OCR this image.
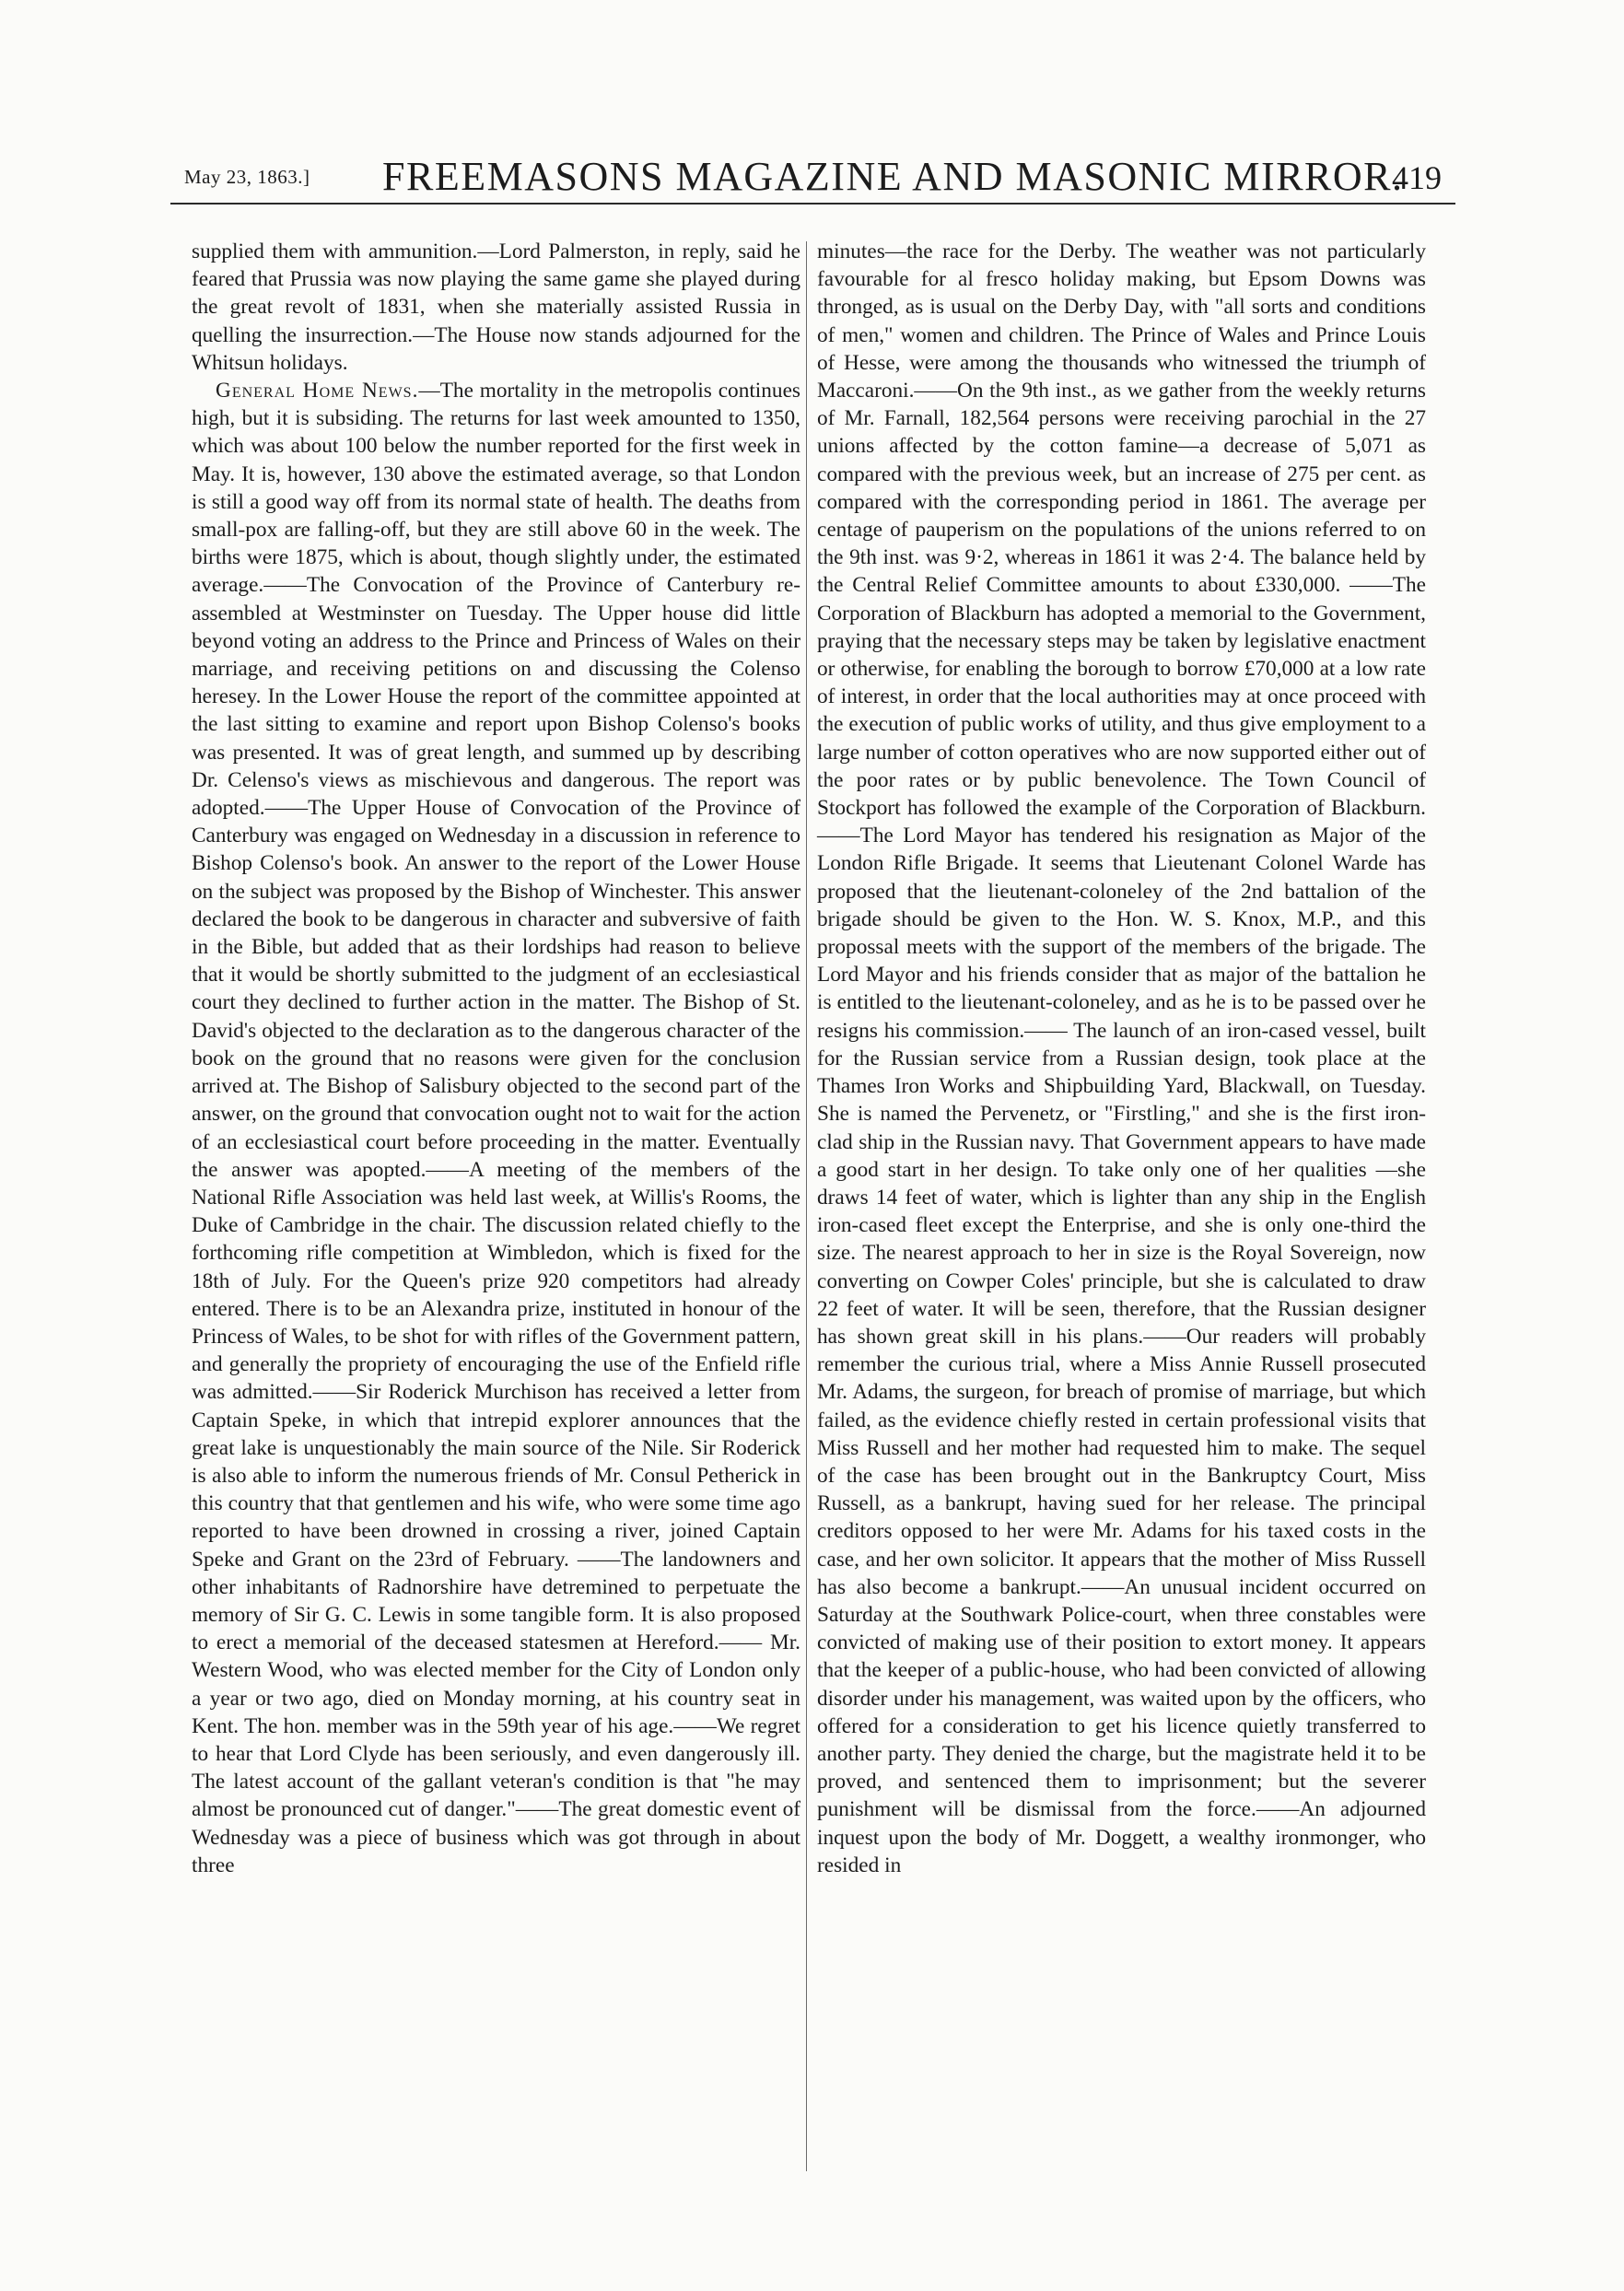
May 23, 1863.] FREEMASONS MAGAZINE AND MASONIC MIRROR.
419

supplied them with ammunition.—Lord Palmerston, in reply, said he feared that Prussia was now playing the same game she played during the great revolt of 1831, when she materially assisted Russia in quelling the insurrection.—The House now stands adjourned for the Whitsun holidays.

General Home News.—The mortality in the metropolis continues high, but it is subsiding. The returns for last week amounted to 1350, which was about 100 below the number reported for the first week in May. It is, however, 130 above the estimated average, so that London is still a good way off from its normal state of health. The deaths from small-pox are falling-off, but they are still above 60 in the week. The births were 1875, which is about, though slightly under, the estimated average.——The Convocation of the Province of Canterbury re-assembled at Westminster on Tuesday. The Upper house did little beyond voting an address to the Prince and Princess of Wales on their marriage, and receiving petitions on and discussing the Colenso heresey. In the Lower House the report of the committee appointed at the last sitting to examine and report upon Bishop Colenso's books was presented. It was of great length, and summed up by describing Dr. Celenso's views as mischievous and dangerous. The report was adopted.——The Upper House of Convocation of the Province of Canterbury was engaged on Wednesday in a discussion in reference to Bishop Colenso's book. An answer to the report of the Lower House on the subject was proposed by the Bishop of Winchester. This answer declared the book to be dangerous in character and subversive of faith in the Bible, but added that as their lordships had reason to believe that it would be shortly submitted to the judgment of an ecclesiastical court they declined to further action in the matter. The Bishop of St. David's objected to the declaration as to the dangerous character of the book on the ground that no reasons were given for the conclusion arrived at. The Bishop of Salisbury objected to the second part of the answer, on the ground that convocation ought not to wait for the action of an ecclesiastical court before proceeding in the matter. Eventually the answer was apopted.——A meeting of the members of the National Rifle Association was held last week, at Willis's Rooms, the Duke of Cambridge in the chair. The discussion related chiefly to the forthcoming rifle competition at Wimbledon, which is fixed for the 18th of July. For the Queen's prize 920 competitors had already entered. There is to be an Alexandra prize, instituted in honour of the Princess of Wales, to be shot for with rifles of the Government pattern, and generally the propriety of encouraging the use of the Enfield rifle was admitted.——Sir Roderick Murchison has received a letter from Captain Speke, in which that intrepid explorer announces that the great lake is unquestionably the main source of the Nile. Sir Roderick is also able to inform the numerous friends of Mr. Consul Petherick in this country that that gentlemen and his wife, who were some time ago reported to have been drowned in crossing a river, joined Captain Speke and Grant on the 23rd of February. ——The landowners and other inhabitants of Radnorshire have detremined to perpetuate the memory of Sir G. C. Lewis in some tangible form. It is also proposed to erect a memorial of the deceased statesmen at Hereford.—— Mr. Western Wood, who was elected member for the City of London only a year or two ago, died on Monday morning, at his country seat in Kent. The hon. member was in the 59th year of his age.——We regret to hear that Lord Clyde has been seriously, and even dangerously ill. The latest account of the gallant veteran's condition is that "he may almost be pronounced cut of danger."——The great domestic event of Wednesday was a piece of business which was got through in about three

minutes—the race for the Derby. The weather was not particularly favourable for al fresco holiday making, but Epsom Downs was thronged, as is usual on the Derby Day, with "all sorts and conditions of men," women and children. The Prince of Wales and Prince Louis of Hesse, were among the thousands who witnessed the triumph of Maccaroni.——On the 9th inst., as we gather from the weekly returns of Mr. Farnall, 182,564 persons were receiving parochial in the 27 unions affected by the cotton famine—a decrease of 5,071 as compared with the previous week, but an increase of 275 per cent. as compared with the corresponding period in 1861. The average per centage of pauperism on the populations of the unions referred to on the 9th inst. was 9·2, whereas in 1861 it was 2·4. The balance held by the Central Relief Committee amounts to about £330,000. ——The Corporation of Blackburn has adopted a memorial to the Government, praying that the necessary steps may be taken by legislative enactment or otherwise, for enabling the borough to borrow £70,000 at a low rate of interest, in order that the local authorities may at once proceed with the execution of public works of utility, and thus give employment to a large number of cotton operatives who are now supported either out of the poor rates or by public benevolence. The Town Council of Stockport has followed the example of the Corporation of Blackburn.——The Lord Mayor has tendered his resignation as Major of the London Rifle Brigade. It seems that Lieutenant Colonel Warde has proposed that the lieutenant-coloneley of the 2nd battalion of the brigade should be given to the Hon. W. S. Knox, M.P., and this propossal meets with the support of the members of the brigade. The Lord Mayor and his friends consider that as major of the battalion he is entitled to the lieutenant-coloneley, and as he is to be passed over he resigns his commission.—— The launch of an iron-cased vessel, built for the Russian service from a Russian design, took place at the Thames Iron Works and Shipbuilding Yard, Blackwall, on Tuesday. She is named the Pervenetz, or "Firstling," and she is the first iron-clad ship in the Russian navy. That Government appears to have made a good start in her design. To take only one of her qualities —she draws 14 feet of water, which is lighter than any ship in the English iron-cased fleet except the Enterprise, and she is only one-third the size. The nearest approach to her in size is the Royal Sovereign, now converting on Cowper Coles' principle, but she is calculated to draw 22 feet of water. It will be seen, therefore, that the Russian designer has shown great skill in his plans.——Our readers will probably remember the curious trial, where a Miss Annie Russell prosecuted Mr. Adams, the surgeon, for breach of promise of marriage, but which failed, as the evidence chiefly rested in certain professional visits that Miss Russell and her mother had requested him to make. The sequel of the case has been brought out in the Bankruptcy Court, Miss Russell, as a bankrupt, having sued for her release. The principal creditors opposed to her were Mr. Adams for his taxed costs in the case, and her own solicitor. It appears that the mother of Miss Russell has also become a bankrupt.——An unusual incident occurred on Saturday at the Southwark Police-court, when three constables were convicted of making use of their position to extort money. It appears that the keeper of a public-house, who had been convicted of allowing disorder under his management, was waited upon by the officers, who offered for a consideration to get his licence quietly transferred to another party. They denied the charge, but the magistrate held it to be proved, and sentenced them to imprisonment; but the severer punishment will be dismissal from the force.——An adjourned inquest upon the body of Mr. Doggett, a wealthy ironmonger, who resided in
